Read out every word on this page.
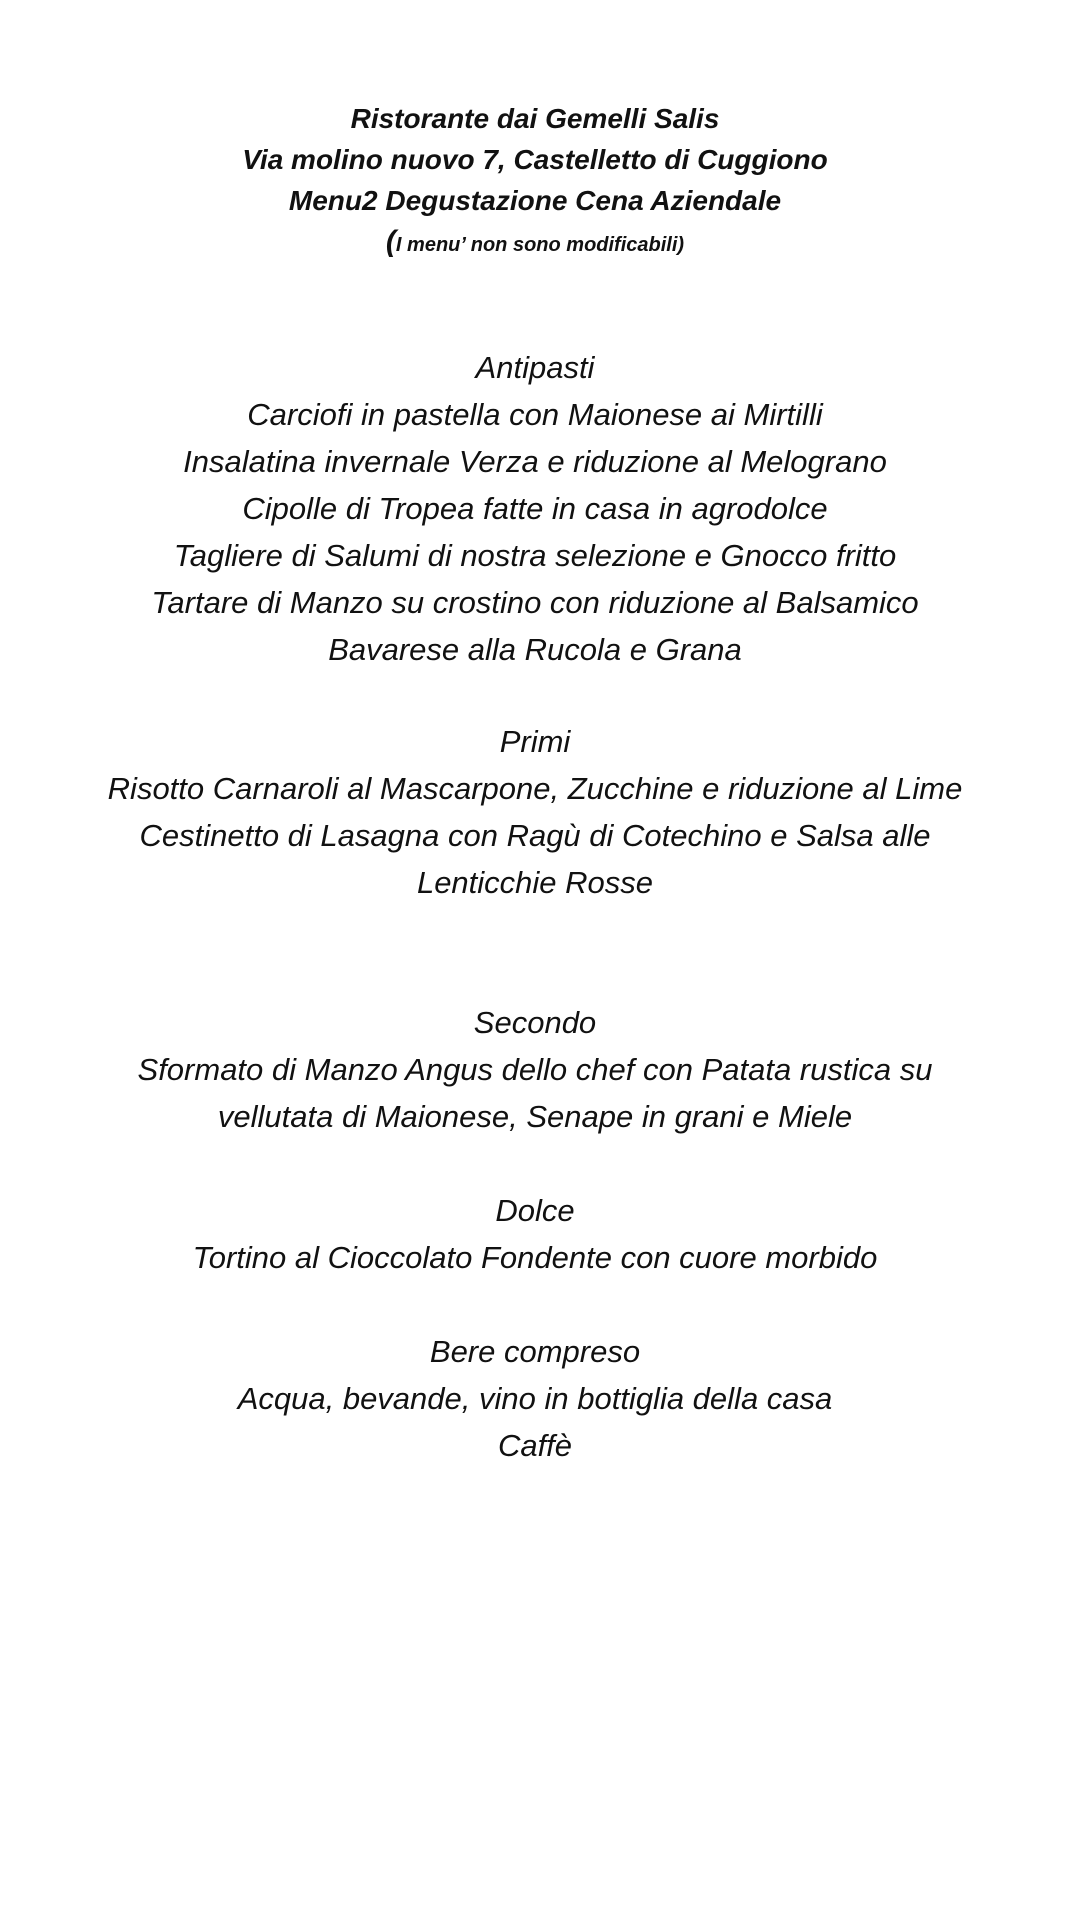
Ristorante dai Gemelli Salis
Via molino nuovo 7, Castelletto di Cuggiono
Menu2 Degustazione Cena Aziendale
(I menu’ non sono modificabili)
Antipasti
Carciofi in pastella con Maionese ai Mirtilli
Insalatina invernale Verza e riduzione al Melograno
Cipolle di Tropea fatte in casa in agrodolce
Tagliere di Salumi di nostra selezione e Gnocco fritto
Tartare di Manzo su crostino con riduzione al Balsamico
Bavarese alla Rucola e Grana
Primi
Risotto Carnaroli al Mascarpone, Zucchine e riduzione al Lime
Cestinetto di Lasagna con Ragù di Cotechino e Salsa alle
Lenticchie Rosse
Secondo
Sformato di Manzo Angus dello chef con Patata rustica su
vellutata di Maionese, Senape in grani e Miele
Dolce
Tortino al Cioccolato Fondente con cuore morbido
Bere compreso
Acqua, bevande, vino in bottiglia della casa
Caffè
